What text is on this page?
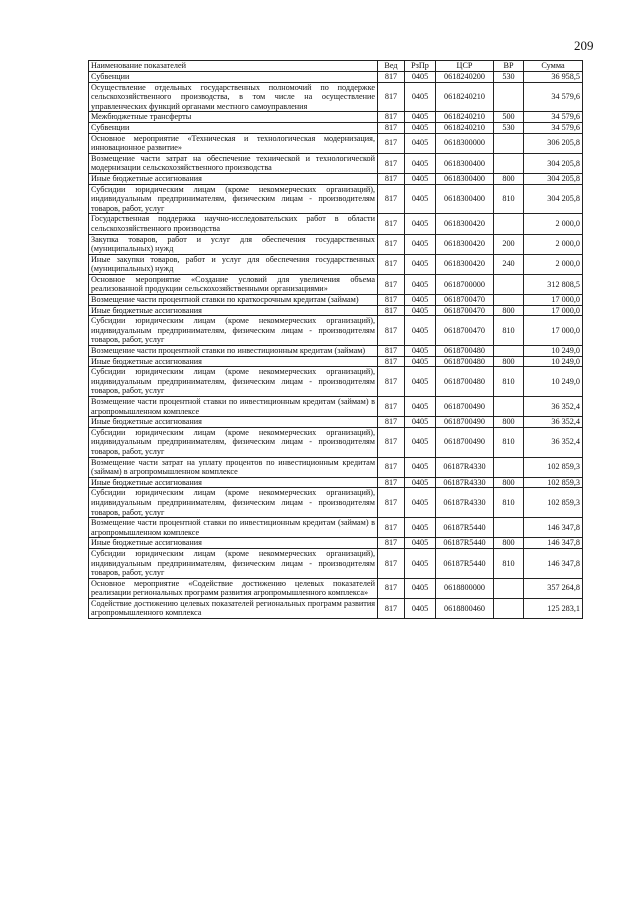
209
Наименование показателей	Вед	РзПр	ЦСР	ВР	Сумма
Субвенции	817	0405	0618240200	530	36 958,5
Осуществление отдельных государственных полномочий по поддержке сельскохозяйственного производства, в том числе на осуществление управленческих функций органами местного самоуправления	817	0405	0618240210		34 579,6
Межбюджетные трансферты	817	0405	0618240210	500	34 579,6
Субвенции	817	0405	0618240210	530	34 579,6
Основное мероприятие «Техническая и технологическая модернизация, инновационное развитие»	817	0405	0618300000		306 205,8
Возмещение части затрат на обеспечение технической и технологической модернизации сельскохозяйственного производства	817	0405	0618300400		304 205,8
Иные бюджетные ассигнования	817	0405	0618300400	800	304 205,8
Субсидии юридическим лицам (кроме некоммерческих организаций), индивидуальным предпринимателям, физическим лицам - производителям товаров, работ, услуг	817	0405	0618300400	810	304 205,8
Государственная поддержка научно-исследовательских работ в области сельскохозяйственного производства	817	0405	0618300420		2 000,0
Закупка товаров, работ и услуг для обеспечения государственных (муниципальных) нужд	817	0405	0618300420	200	2 000,0
Иные закупки товаров, работ и услуг для обеспечения государственных (муниципальных) нужд	817	0405	0618300420	240	2 000,0
Основное мероприятие «Создание условий для увеличения объема реализованной продукции сельскохозяйственными организациями»	817	0405	0618700000		312 808,5
Возмещение части процентной ставки по краткосрочным кредитам (займам)	817	0405	0618700470		17 000,0
Иные бюджетные ассигнования	817	0405	0618700470	800	17 000,0
Субсидии юридическим лицам (кроме некоммерческих организаций), индивидуальным предпринимателям, физическим лицам - производителям товаров, работ, услуг	817	0405	0618700470	810	17 000,0
Возмещение части процентной ставки по инвестиционным кредитам (займам)	817	0405	0618700480		10 249,0
Иные бюджетные ассигнования	817	0405	0618700480	800	10 249,0
Субсидии юридическим лицам (кроме некоммерческих организаций), индивидуальным предпринимателям, физическим лицам - производителям товаров, работ, услуг	817	0405	0618700480	810	10 249,0
Возмещение части процентной ставки по инвестиционным кредитам (займам) в агропромышленном комплексе	817	0405	0618700490		36 352,4
Иные бюджетные ассигнования	817	0405	0618700490	800	36 352,4
Субсидии юридическим лицам (кроме некоммерческих организаций), индивидуальным предпринимателям, физическим лицам - производителям товаров, работ, услуг	817	0405	0618700490	810	36 352,4
Возмещение части затрат на уплату процентов по инвестиционным кредитам (займам) в агропромышленном комплексе	817	0405	06187R4330		102 859,3
Иные бюджетные ассигнования	817	0405	06187R4330	800	102 859,3
Субсидии юридическим лицам (кроме некоммерческих организаций), индивидуальным предпринимателям, физическим лицам - производителям товаров, работ, услуг	817	0405	06187R4330	810	102 859,3
Возмещение части процентной ставки по инвестиционным кредитам (займам) в агропромышленном комплексе	817	0405	06187R5440		146 347,8
Иные бюджетные ассигнования	817	0405	06187R5440	800	146 347,8
Субсидии юридическим лицам (кроме некоммерческих организаций), индивидуальным предпринимателям, физическим лицам - производителям товаров, работ, услуг	817	0405	06187R5440	810	146 347,8
Основное мероприятие «Содействие достижению целевых показателей реализации региональных программ развития агропромышленного комплекса»	817	0405	0618800000		357 264,8
Содействие достижению целевых показателей региональных программ развития агропромышленного комплекса	817	0405	0618800460		125 283,1
